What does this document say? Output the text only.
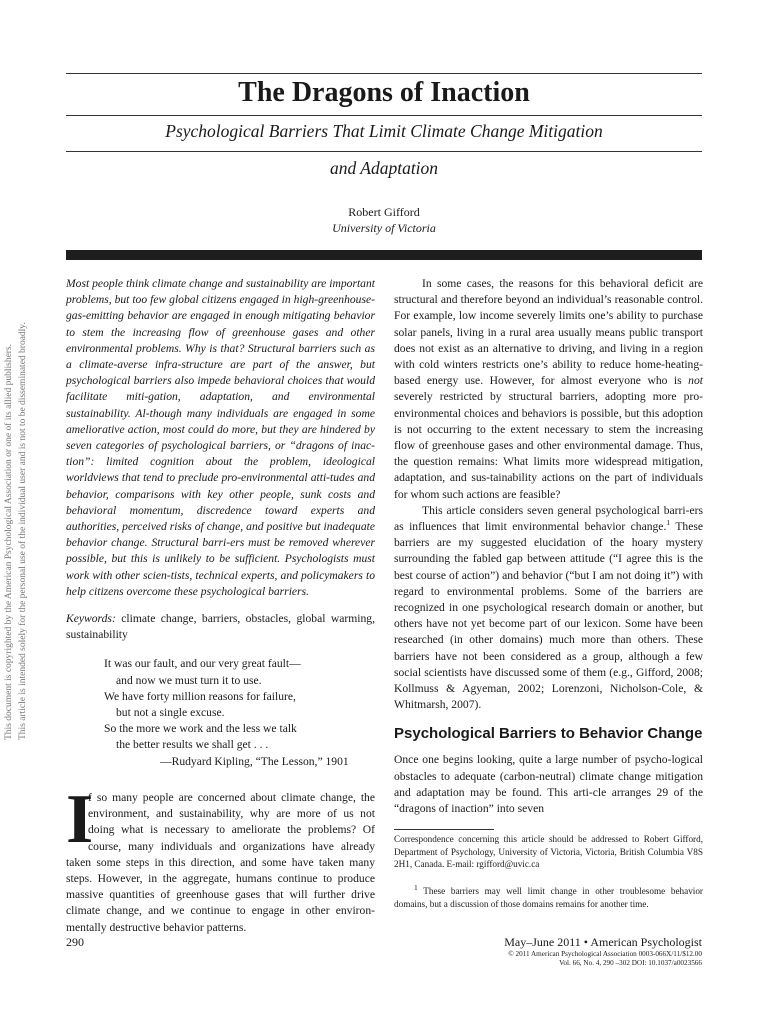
The Dragons of Inaction
Psychological Barriers That Limit Climate Change Mitigation
and Adaptation
Robert Gifford
University of Victoria
This document is copyrighted by the American Psychological Association or one of its allied publishers. This article is intended solely for the personal use of the individual user and is not to be disseminated broadly.

Most people think climate change and sustainability are important problems, but too few global citizens engaged in high-greenhouse-gas-emitting behavior are engaged in enough mitigating behavior to stem the increasing flow of greenhouse gases and other environmental problems. Why is that? Structural barriers such as a climate-averse infra-structure are part of the answer, but psychological barriers also impede behavioral choices that would facilitate miti-gation, adaptation, and environmental sustainability. Al-though many individuals are engaged in some ameliorative action, most could do more, but they are hindered by seven categories of psychological barriers, or “dragons of inac-tion”: limited cognition about the problem, ideological worldviews that tend to preclude pro-environmental atti-tudes and behavior, comparisons with key other people, sunk costs and behavioral momentum, discredence toward experts and authorities, perceived risks of change, and positive but inadequate behavior change. Structural barri-ers must be removed wherever possible, but this is unlikely to be sufficient. Psychologists must work with other scien-tists, technical experts, and policymakers to help citizens overcome these psychological barriers.

Keywords: climate change, barriers, obstacles, global warming, sustainability

It was our fault, and our very great fault—
and now we must turn it to use.
We have forty million reasons for failure,
but not a single excuse.
So the more we work and the less we talk
the better results we shall get . . .
—Rudyard Kipling, “The Lesson,” 1901
I
f so many people are concerned about climate change, the environment, and sustainability, why are more of us not doing what is necessary to ameliorate the problems? Of course, many individuals and organizations have already taken some steps in this direction, and some have taken many steps. However, in the aggregate, humans continue to produce massive quantities of greenhouse gases that will further drive climate change, and we continue to engage in other environ-mentally destructive behavior patterns.

In some cases, the reasons for this behavioral deficit are structural and therefore beyond an individual’s reasonable control. For example, low income severely limits one’s ability to purchase solar panels, living in a rural area usually means public transport does not exist as an alternative to driving, and living in a region with cold winters restricts one’s ability to reduce home-heating-based energy use. However, for almost everyone who is not severely restricted by structural barriers, adopting more pro-environmental choices and behaviors is possible, but this adoption is not occurring to the extent necessary to stem the increasing flow of greenhouse gases and other environmental damage. Thus, the question remains: What limits more widespread mitigation, adaptation, and sus-tainability actions on the part of individuals for whom such actions are feasible?

This article considers seven general psychological barri-ers as influences that limit environmental behavior change.$^1$ These barriers are my suggested elucidation of the hoary mystery surrounding the fabled gap between attitude (“I agree this is the best course of action”) and behavior (“but I am not doing it”) with regard to environmental problems. Some of the barriers are recognized in one psychological research domain or another, but others have not yet become part of our lexicon. Some have been researched (in other domains) much more than others. These barriers have not been considered as a group, although a few social scientists have discussed some of them (e.g., Gifford, 2008; Kollmuss & Agyeman, 2002; Lorenzoni, Nicholson-Cole, & Whitmarsh, 2007).

Psychological Barriers to Behavior Change

Once one begins looking, quite a large number of psycho-logical obstacles to adequate (carbon-neutral) climate change mitigation and adaptation may be found. This arti-cle arranges 29 of the “dragons of inaction” into seven

Correspondence concerning this article should be addressed to Robert Gifford, Department of Psychology, University of Victoria, Victoria, British Columbia V8S 2H1, Canada. E-mail: rgifford@uvic.ca

$^1$ These barriers may well limit change in other troublesome behavior domains, but a discussion of those domains remains for another time.

290	May–June 2011 • American Psychologist
© 2011 American Psychological Association 0003-066X/11/$12.00
Vol. 66, No. 4, 290 –302 DOI: 10.1037/a0023566
